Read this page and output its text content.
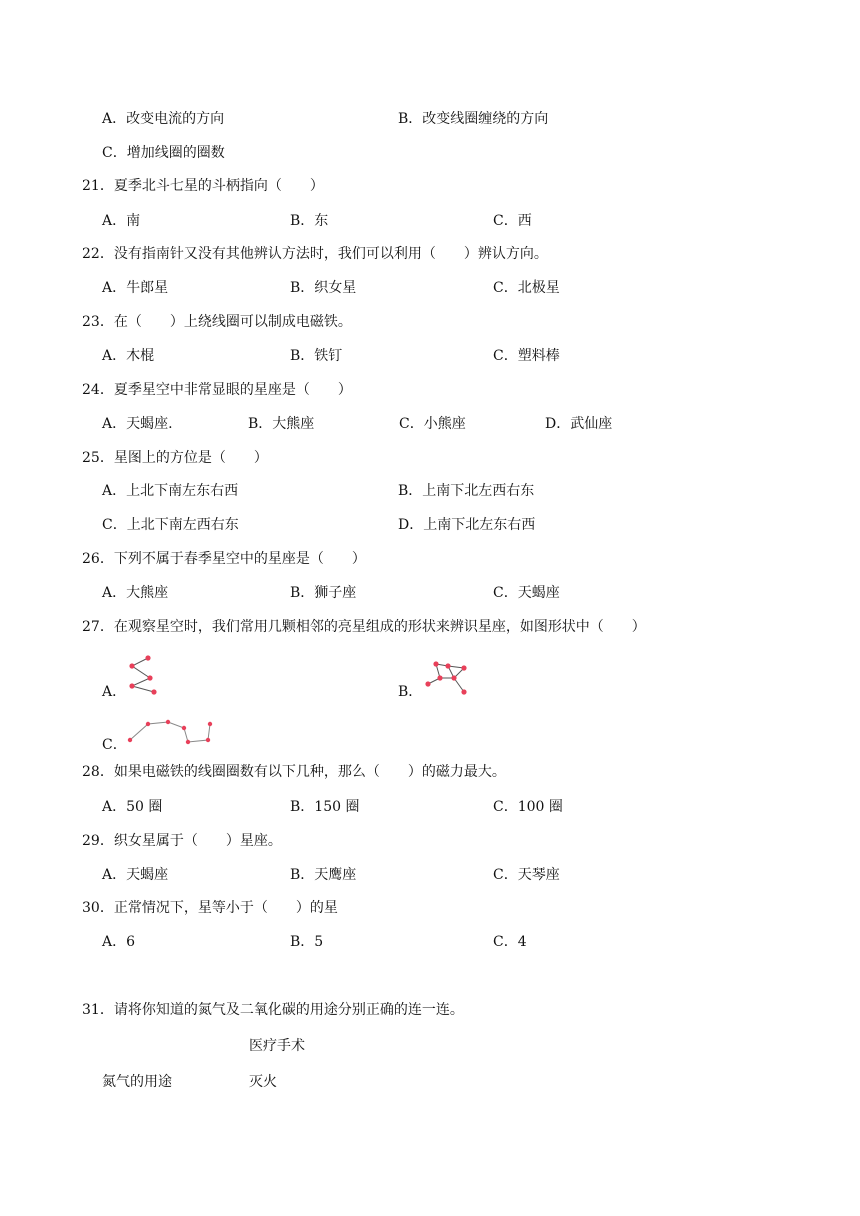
A．改变电流的方向	B．改变线圈缠绕的方向
C．增加线圈的圈数
21．夏季北斗七星的斗柄指向（　　）
A．南	B．东	C．西
22．没有指南针又没有其他辨认方法时，我们可以利用（　　）辨认方向。
A．牛郎星	B．织女星	C．北极星
23．在（　　）上绕线圈可以制成电磁铁。
A．木棍	B．铁钉	C．塑料棒
24．夏季星空中非常显眼的星座是（　　）
A．天蝎座.	B．大熊座	C．小熊座	D．武仙座
25．星图上的方位是（　　）
A．上北下南左东右西	B．上南下北左西右东
C．上北下南左西右东	D．上南下北左东右西
26．下列不属于春季星空中的星座是（　　）
A．大熊座	B．狮子座	C．天蝎座
27．在观察星空时，我们常用几颗相邻的亮星组成的形状来辨识星座，如图形状中（　　）
A．	B．
C．
28．如果电磁铁的线圈圈数有以下几种，那么（　　）的磁力最大。
A．50 圈	B．150 圈	C．100 圈
29．织女星属于（　　）星座。
A．天蝎座	B．天鹰座	C．天琴座
30．正常情况下，星等小于（　　）的星
A．6	B．5	C．4
31．请将你知道的氮气及二氧化碳的用途分别正确的连一连。
医疗手术
氮气的用途	灭火
